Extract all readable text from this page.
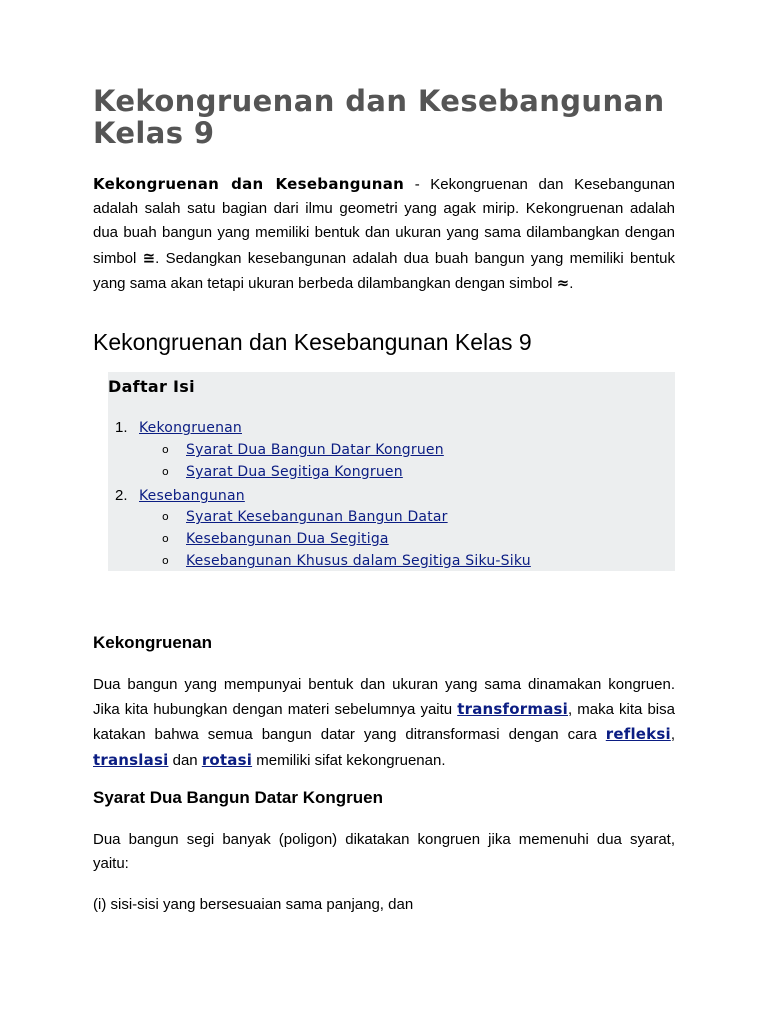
Kekongruenan dan Kesebangunan Kelas 9

Kekongruenan dan Kesebangunan - Kekongruenan dan Kesebangunan adalah salah satu bagian dari ilmu geometri yang agak mirip. Kekongruenan adalah dua buah bangun yang memiliki bentuk dan ukuran yang sama dilambangkan dengan simbol ≅. Sedangkan kesebangunan adalah dua buah bangun yang memiliki bentuk yang sama akan tetapi ukuran berbeda dilambangkan dengan simbol ≈.

Kekongruenan dan Kesebangunan Kelas 9

Daftar Isi

1. Kekongruenan
o Syarat Dua Bangun Datar Kongruen
o Syarat Dua Segitiga Kongruen
2. Kesebangunan
o Syarat Kesebangunan Bangun Datar
o Kesebangunan Dua Segitiga
o Kesebangunan Khusus dalam Segitiga Siku-Siku
Kekongruenan

Dua bangun yang mempunyai bentuk dan ukuran yang sama dinamakan kongruen. Jika kita hubungkan dengan materi sebelumnya yaitu transformasi, maka kita bisa katakan bahwa semua bangun datar yang ditransformasi dengan cara refleksi, translasi dan rotasi memiliki sifat kekongruenan.

Syarat Dua Bangun Datar Kongruen

Dua bangun segi banyak (poligon) dikatakan kongruen jika memenuhi dua syarat, yaitu:

(i) sisi-sisi yang bersesuaian sama panjang, dan
